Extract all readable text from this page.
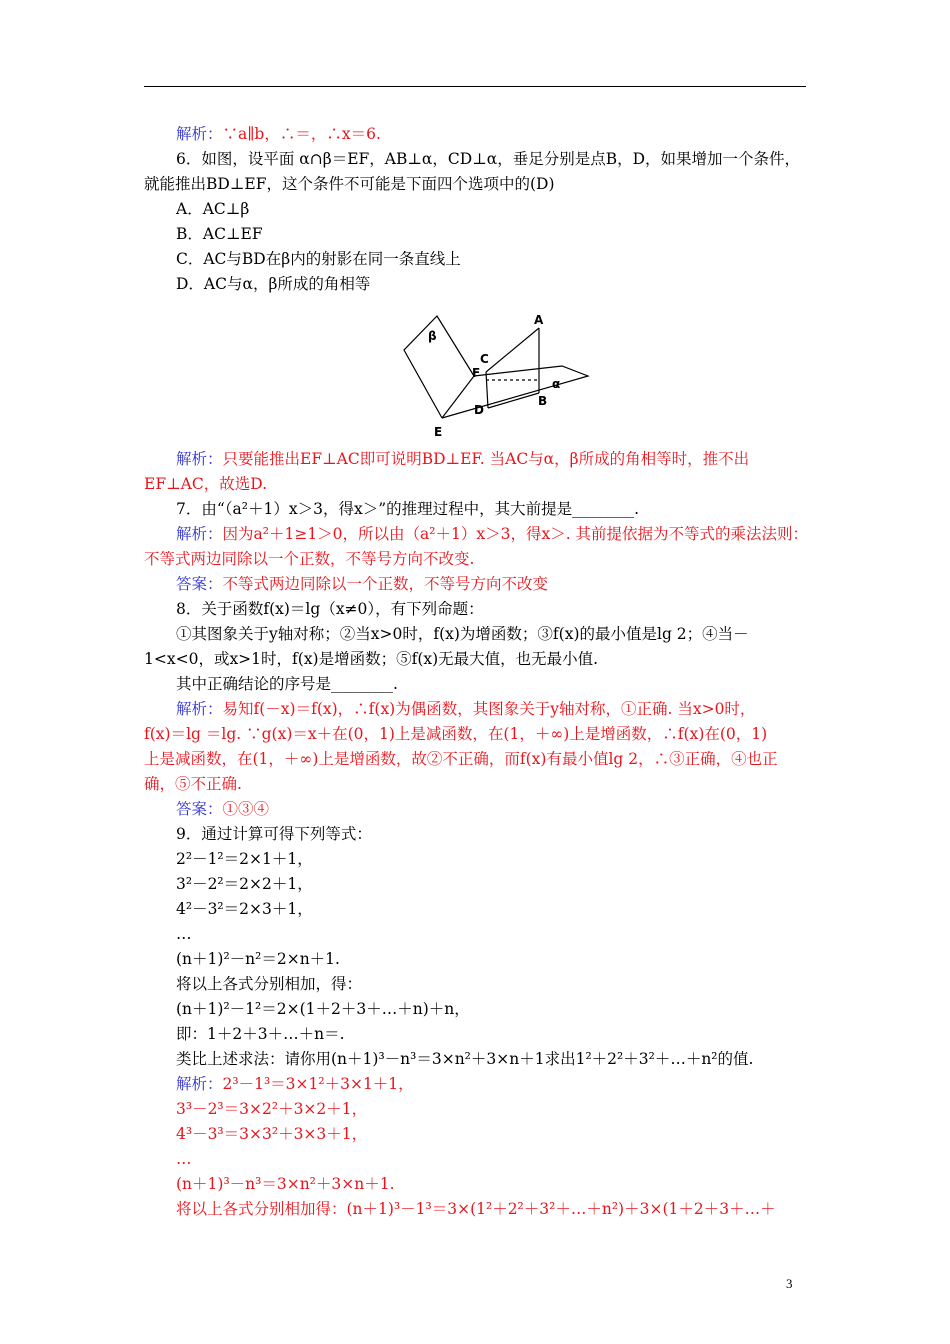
解析：∵a∥b，∴＝，∴x＝6.
6．如图，设平面 α∩β＝EF，AB⊥α，CD⊥α，垂足分别是点B，D，如果增加一个条件，
就能推出BD⊥EF，这个条件不可能是下面四个选项中的(D)
A．AC⊥β
B．AC⊥EF
C．AC与BD在β内的射影在同一条直线上
D．AC与α，β所成的角相等
β
α
A
B
C
D
E
F
解析：只要能推出EF⊥AC即可说明BD⊥EF. 当AC与α，β所成的角相等时，推不出
EF⊥AC，故选D.
7．由“（a²＋1）x＞3，得x＞”的推理过程中，其大前提是________.
解析：因为a²＋1≥1＞0，所以由（a²＋1）x＞3，得x＞. 其前提依据为不等式的乘法法则：
不等式两边同除以一个正数，不等号方向不改变.
答案：不等式两边同除以一个正数，不等号方向不改变
8．关于函数f(x)＝lg（x≠0），有下列命题：
①其图象关于y轴对称；②当x>0时，f(x)为增函数；③f(x)的最小值是lg 2；④当－
1<x<0，或x>1时，f(x)是增函数；⑤f(x)无最大值，也无最小值.
其中正确结论的序号是________.
解析：易知f(－x)＝f(x)，∴f(x)为偶函数，其图象关于y轴对称，①正确. 当x>0时，
f(x)＝lg ＝lg. ∵g(x)＝x＋在(0，1)上是减函数，在(1，＋∞)上是增函数，∴f(x)在(0，1)
上是减函数，在(1，＋∞)上是增函数，故②不正确，而f(x)有最小值lg 2，∴③正确，④也正
确，⑤不正确.
答案：①③④
9．通过计算可得下列等式：
2²－1²＝2×1＋1，
3²－2²＝2×2＋1，
4²－3²＝2×3＋1，
…
(n＋1)²－n²＝2×n＋1.
将以上各式分别相加，得：
(n＋1)²－1²＝2×(1＋2＋3＋…＋n)＋n，
即：1＋2＋3＋…＋n＝.
类比上述求法：请你用(n＋1)³－n³＝3×n²＋3×n＋1求出1²＋2²＋3²＋…＋n²的值.
解析：2³－1³＝3×1²＋3×1＋1，
3³－2³＝3×2²＋3×2＋1，
4³－3³＝3×3²＋3×3＋1，
…
(n＋1)³－n³＝3×n²＋3×n＋1.
将以上各式分别相加得：(n＋1)³－1³＝3×(1²＋2²＋3²＋…＋n²)＋3×(1＋2＋3＋…＋
3
